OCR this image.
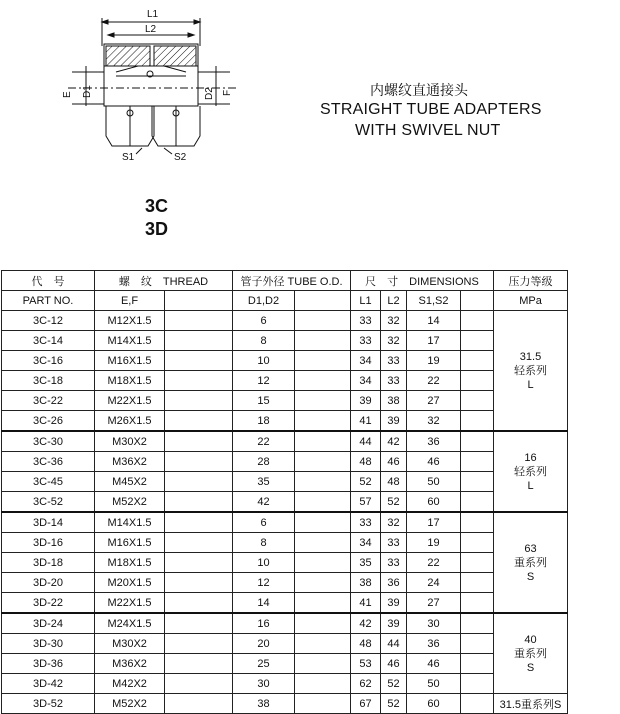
L1
L2
E D1	D2 F
S1	S2
内螺纹直通接头
STRAIGHT TUBE ADAPTERS
WITH SWIVEL NUT
3C
3D
代　号	螺　纹　THREAD		管子外径 TUBE O.D.		尺　寸　DIMENSIONS				压力等级
PART NO.	E,F		D1,D2		L1	L2	S1,S2		MPa
3C-12	M12X1.5		6		33	32	14		31.5
轻系列
L

3C-14	M14X1.5		8		33	32	17		
3C-16	M16X1.5		10		34	33	19		
3C-18	M18X1.5		12		34	33	22		
3C-22	M22X1.5		15		39	38	27		
3C-26	M26X1.5		18		41	39	32		
3C-30	M30X2		22		44	42	36		16
轻系列
L

3C-36	M36X2		28		48	46	46		
3C-45	M45X2		35		52	48	50		
3C-52	M52X2		42		57	52	60		
3D-14	M14X1.5		6		33	32	17		63
重系列
S

3D-16	M16X1.5		8		34	33	19		
3D-18	M18X1.5		10		35	33	22		
3D-20	M20X1.5		12		38	36	24		
3D-22	M22X1.5		14		41	39	27		
3D-24	M24X1.5		16		42	39	30		40
重系列
S

3D-30	M30X2		20		48	44	36		
3D-36	M36X2		25		53	46	46		
3D-42	M42X2		30		62	52	50		
3D-52	M52X2		38		67	52	60		31.5重系列S
